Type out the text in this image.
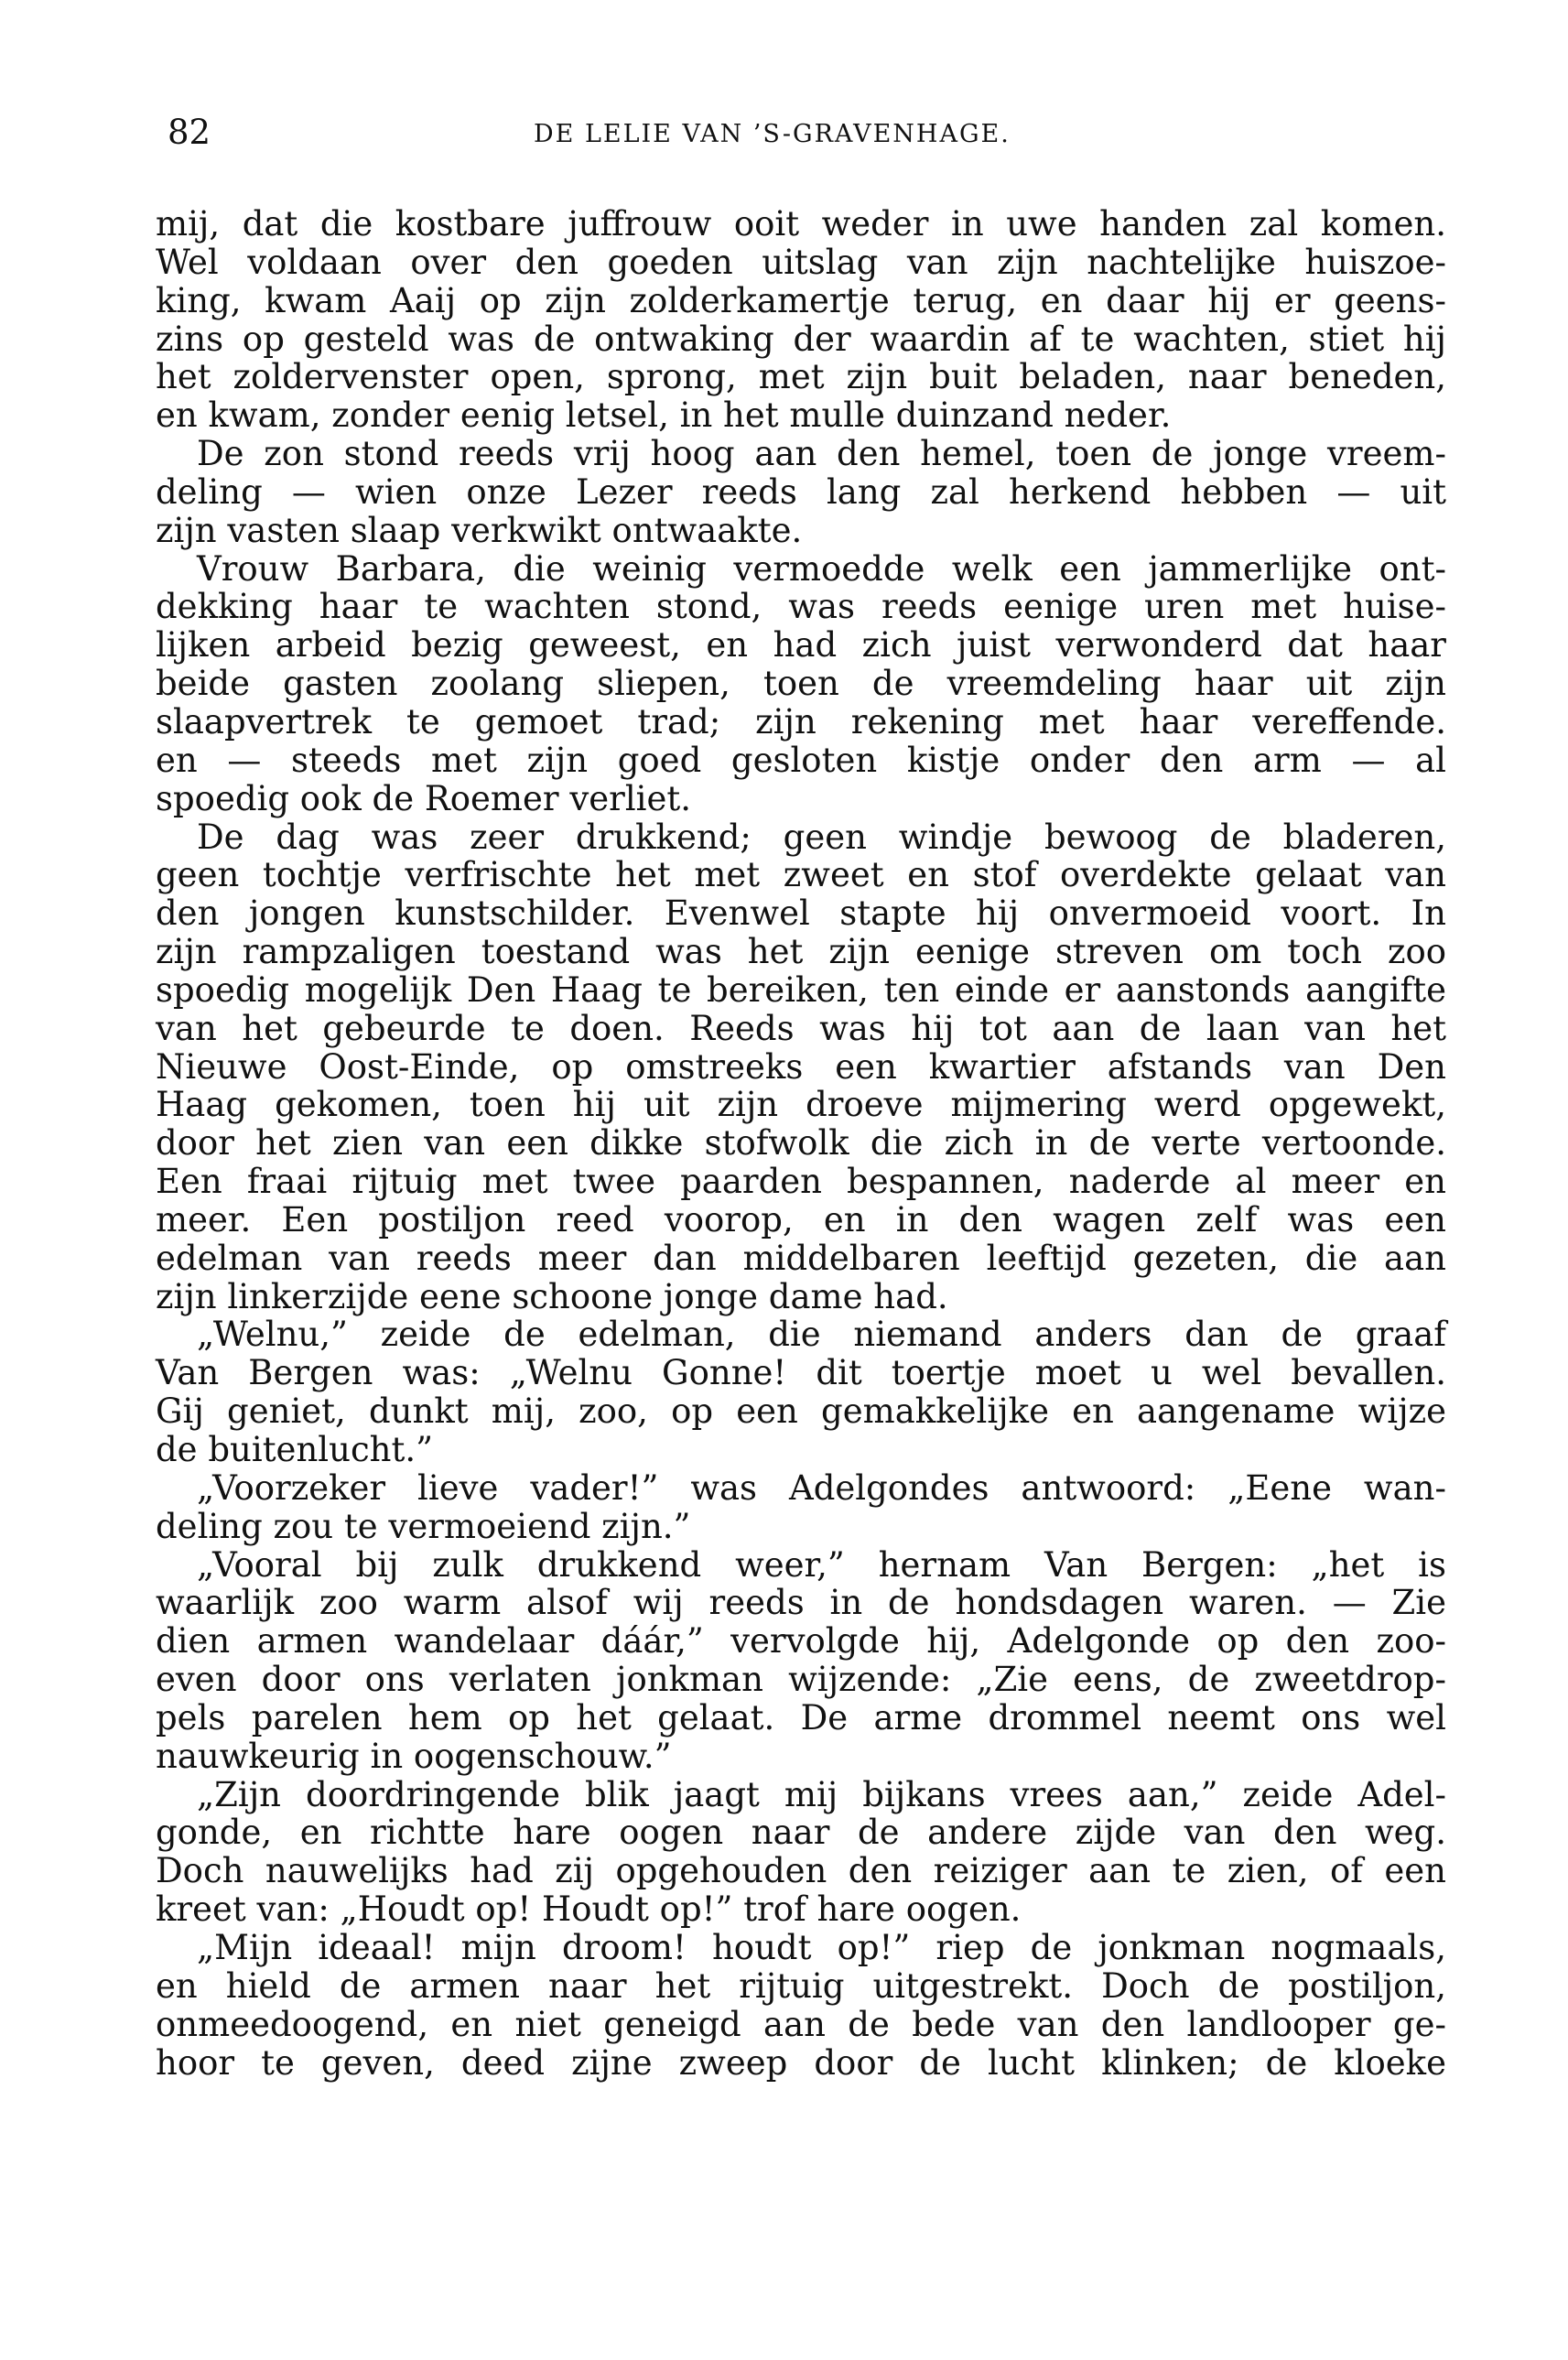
82	DE LELIE VAN ’S-GRAVENHAGE.
mij, dat die kostbare juffrouw ooit weder in uwe handen zal komen.
Wel voldaan over den goeden uitslag van zijn nachtelijke huiszoe-
king, kwam Aaij op zijn zolderkamertje terug, en daar hij er geens-
zins op gesteld was de ontwaking der waardin af te wachten, stiet hij
het zoldervenster open, sprong, met zijn buit beladen, naar beneden,
en kwam, zonder eenig letsel, in het mulle duinzand neder.
De zon stond reeds vrij hoog aan den hemel, toen de jonge vreem-
deling — wien onze Lezer reeds lang zal herkend hebben — uit
zijn vasten slaap verkwikt ontwaakte.
Vrouw Barbara, die weinig vermoedde welk een jammerlijke ont-
dekking haar te wachten stond, was reeds eenige uren met huise-
lijken arbeid bezig geweest, en had zich juist verwonderd dat haar
beide gasten zoolang sliepen, toen de vreemdeling haar uit zijn
slaapvertrek te gemoet trad; zijn rekening met haar vereffende.
en — steeds met zijn goed gesloten kistje onder den arm — al
spoedig ook de Roemer verliet.
De dag was zeer drukkend; geen windje bewoog de bladeren,
geen tochtje verfrischte het met zweet en stof overdekte gelaat van
den jongen kunstschilder. Evenwel stapte hij onvermoeid voort. In
zijn rampzaligen toestand was het zijn eenige streven om toch zoo
spoedig mogelijk Den Haag te bereiken, ten einde er aanstonds aangifte
van het gebeurde te doen. Reeds was hij tot aan de laan van het
Nieuwe Oost-Einde, op omstreeks een kwartier afstands van Den
Haag gekomen, toen hij uit zijn droeve mijmering werd opgewekt,
door het zien van een dikke stofwolk die zich in de verte vertoonde.
Een fraai rijtuig met twee paarden bespannen, naderde al meer en
meer. Een postiljon reed voorop, en in den wagen zelf was een
edelman van reeds meer dan middelbaren leeftijd gezeten, die aan
zijn linkerzijde eene schoone jonge dame had.
„Welnu,” zeide de edelman, die niemand anders dan de graaf
Van Bergen was: „Welnu Gonne! dit toertje moet u wel bevallen.
Gij geniet, dunkt mij, zoo, op een gemakkelijke en aangename wijze
de buitenlucht.”
„Voorzeker lieve vader!” was Adelgondes antwoord: „Eene wan-
deling zou te vermoeiend zijn.”
„Vooral bij zulk drukkend weer,” hernam Van Bergen: „het is
waarlijk zoo warm alsof wij reeds in de hondsdagen waren. — Zie
dien armen wandelaar dáár,” vervolgde hij, Adelgonde op den zoo-
even door ons verlaten jonkman wijzende: „Zie eens, de zweetdrop-
pels parelen hem op het gelaat. De arme drommel neemt ons wel
nauwkeurig in oogenschouw.”
„Zijn doordringende blik jaagt mij bijkans vrees aan,” zeide Adel-
gonde, en richtte hare oogen naar de andere zijde van den weg.
Doch nauwelijks had zij opgehouden den reiziger aan te zien, of een
kreet van: „Houdt op! Houdt op!” trof hare oogen.
„Mijn ideaal! mijn droom! houdt op!” riep de jonkman nogmaals,
en hield de armen naar het rijtuig uitgestrekt. Doch de postiljon,
onmeedoogend, en niet geneigd aan de bede van den landlooper ge-
hoor te geven, deed zijne zweep door de lucht klinken; de kloeke
